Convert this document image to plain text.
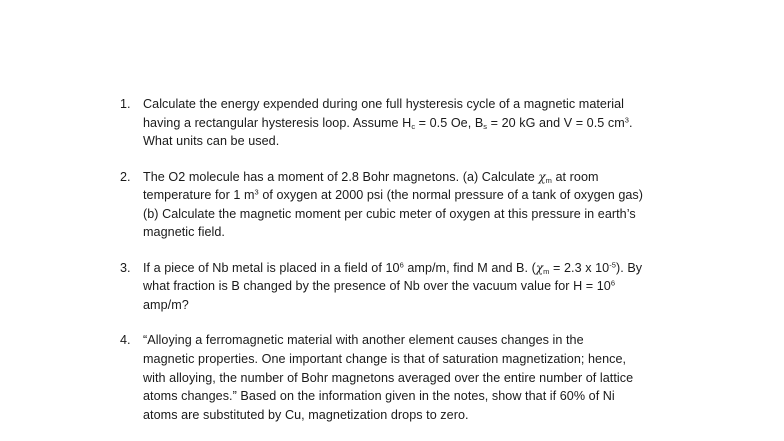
1. Calculate the energy expended during one full hysteresis cycle of a magnetic material
having a rectangular hysteresis loop. Assume $H_c = 0.5$ Oe, $B_s = 20$ kG and V = 0.5 $cm^3$.
What units can be used.
2. The O2 molecule has a moment of 2.8 Bohr magnetons. (a) Calculate $\chi_m$ at room
temperature for 1 $m^3$ of oxygen at 2000 psi (the normal pressure of a tank of oxygen gas)
(b) Calculate the magnetic moment per cubic meter of oxygen at this pressure in earth’s
magnetic field.
3. If a piece of Nb metal is placed in a field of $10^6$ amp/m, find M and B. ($\chi_m = 2.3$ x $10^{-5}$). By
what fraction is B changed by the presence of Nb over the vacuum value for $H = 10^6$
amp/m?
4. “Alloying a ferromagnetic material with another element causes changes in the
magnetic properties. One important change is that of saturation magnetization; hence,
with alloying, the number of Bohr magnetons averaged over the entire number of lattice
atoms changes.” Based on the information given in the notes, show that if 60% of Ni
atoms are substituted by Cu, magnetization drops to zero.
